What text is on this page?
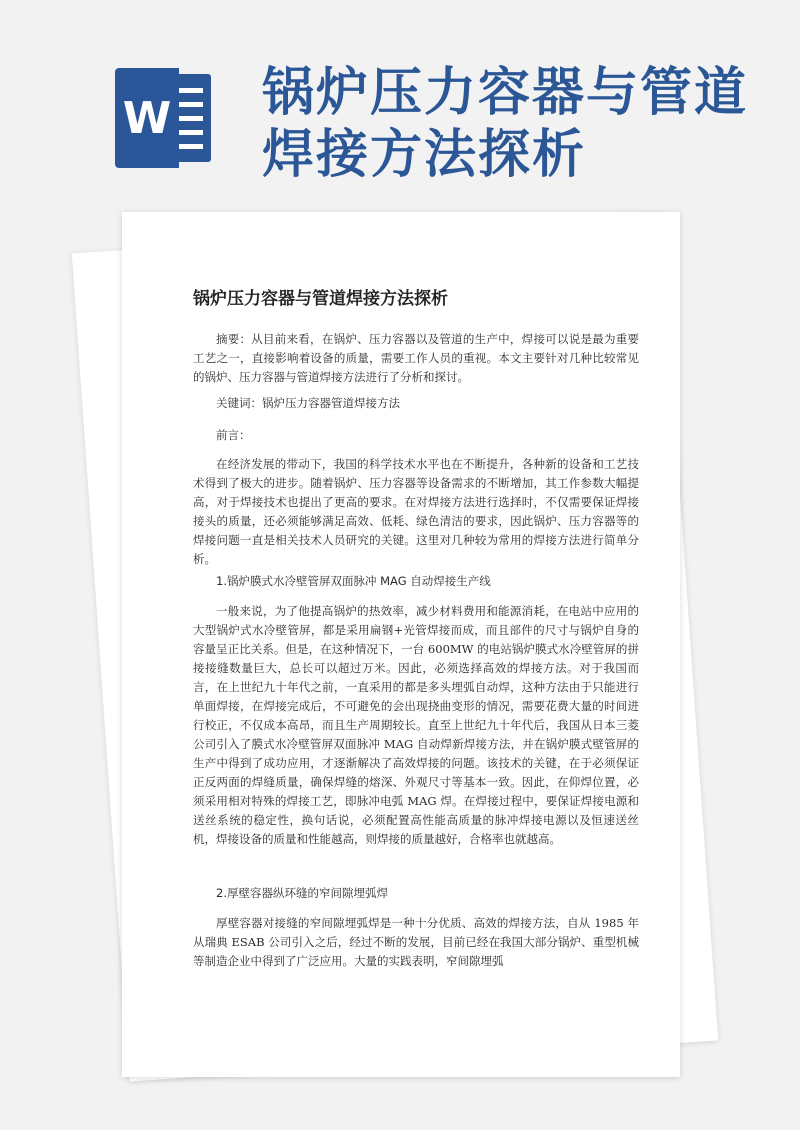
W 锅炉压力容器与管道焊接方法探析
锅炉压力容器与管道焊接方法探析

摘要：从目前来看，在锅炉、压力容器以及管道的生产中，焊接可以说是最为重要工艺之一，直接影响着设备的质量，需要工作人员的重视。本文主要针对几种比较常见的锅炉、压力容器与管道焊接方法进行了分析和探讨。

关键词：锅炉压力容器管道焊接方法

前言：

在经济发展的带动下，我国的科学技术水平也在不断提升，各种新的设备和工艺技术得到了极大的进步。随着锅炉、压力容器等设备需求的不断增加，其工作参数大幅提高，对于焊接技术也提出了更高的要求。在对焊接方法进行选择时，不仅需要保证焊接接头的质量，还必须能够满足高效、低耗、绿色清洁的要求，因此锅炉、压力容器等的焊接问题一直是相关技术人员研究的关键。这里对几种较为常用的焊接方法进行简单分析。

1.锅炉膜式水冷壁管屏双面脉冲 MAG 自动焊接生产线

一般来说，为了他提高锅炉的热效率，减少材料费用和能源消耗，在电站中应用的大型锅炉式水冷壁管屏，都是采用扁钢+光管焊接而成，而且部件的尺寸与锅炉自身的容量呈正比关系。但是，在这种情况下，一台 600MW 的电站锅炉膜式水冷壁管屏的拼接接缝数量巨大，总长可以超过万米。因此，必须选择高效的焊接方法。对于我国而言，在上世纪九十年代之前，一直采用的都是多头埋弧自动焊，这种方法由于只能进行单面焊接，在焊接完成后，不可避免的会出现挠曲变形的情况，需要花费大量的时间进行校正，不仅成本高昂，而且生产周期较长。直至上世纪九十年代后，我国从日本三菱公司引入了膜式水冷壁管屏双面脉冲 MAG 自动焊新焊接方法，并在锅炉膜式壁管屏的生产中得到了成功应用，才逐渐解决了高效焊接的问题。该技术的关键，在于必须保证正反两面的焊缝质量，确保焊缝的熔深、外观尺寸等基本一致。因此，在仰焊位置，必须采用相对特殊的焊接工艺，即脉冲电弧 MAG 焊。在焊接过程中，要保证焊接电源和送丝系统的稳定性，换句话说，必须配置高性能高质量的脉冲焊接电源以及恒速送丝机，焊接设备的质量和性能越高，则焊接的质量越好，合格率也就越高。

2.厚壁容器纵环缝的窄间隙埋弧焊

厚壁容器对接缝的窄间隙埋弧焊是一种十分优质、高效的焊接方法，自从 1985 年从瑞典 ESAB 公司引入之后，经过不断的发展，目前已经在我国大部分锅炉、重型机械等制造企业中得到了广泛应用。大量的实践表明，窄间隙埋弧
